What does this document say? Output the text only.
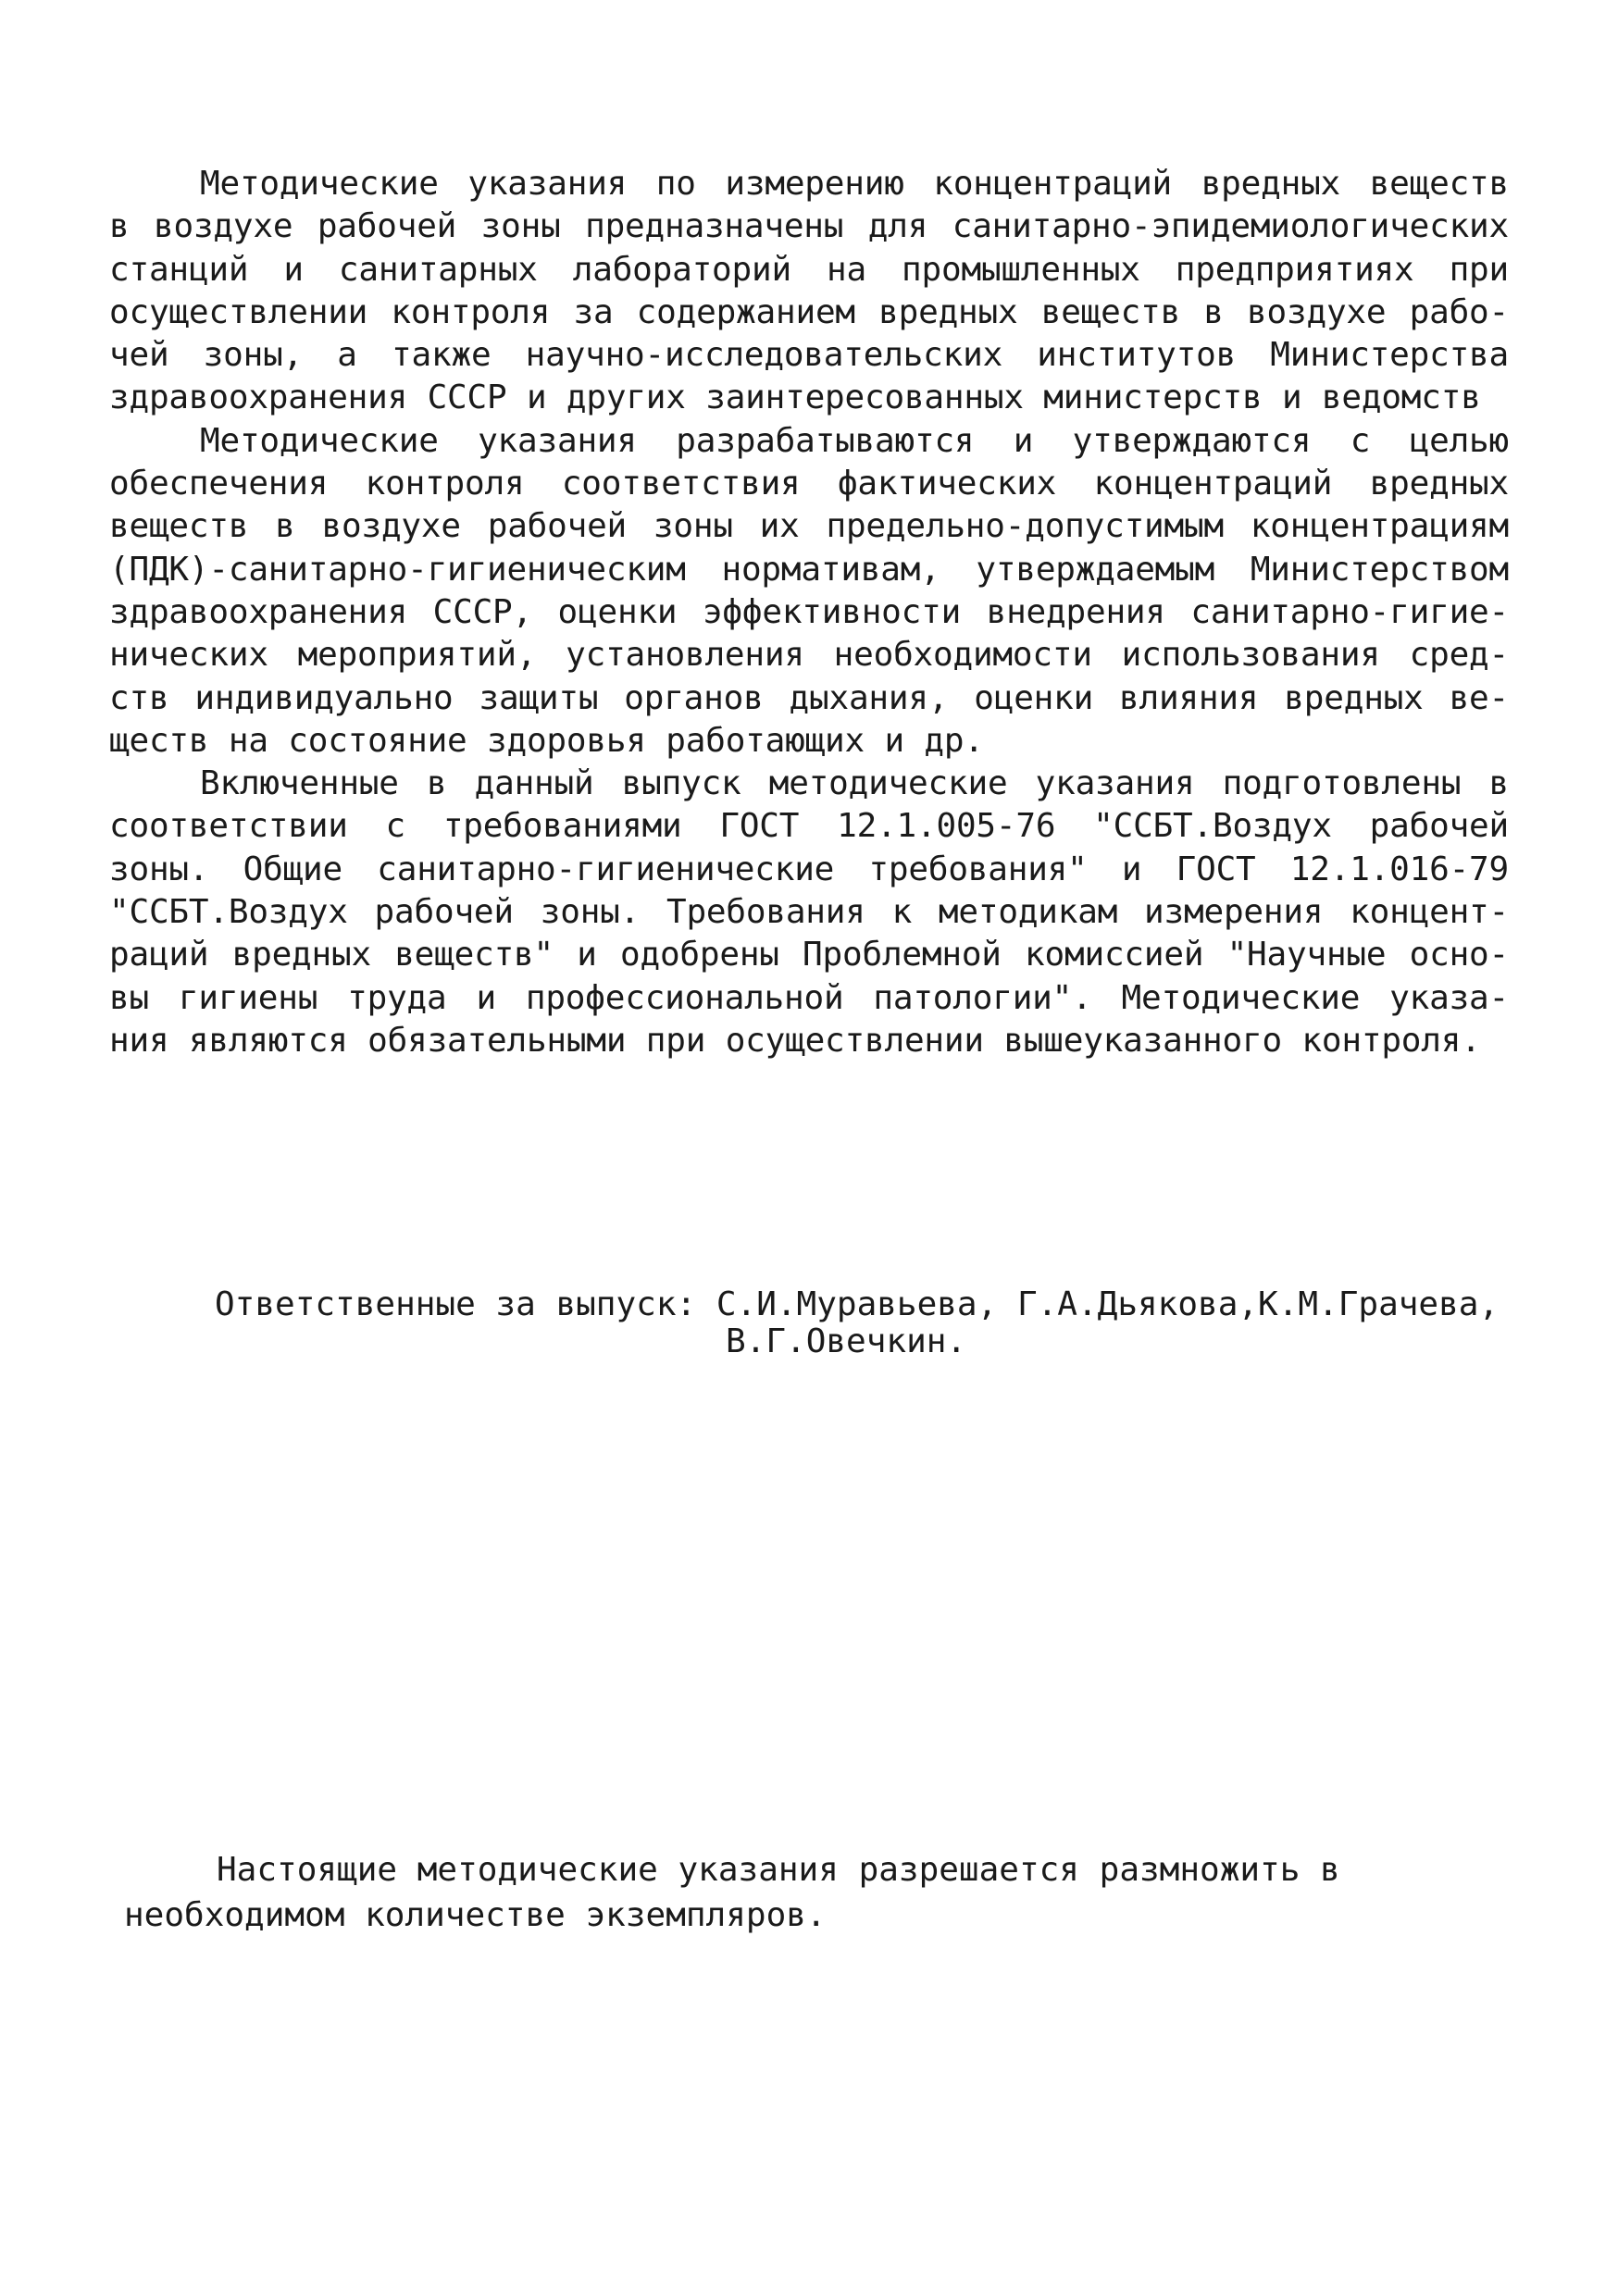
Методические указания по измерению концентраций вредных веществ
в воздухе рабочей зоны предназначены для санитарно-эпидемиологических
станций и санитарных лабораторий на промышленных предприятиях при
осуществлении контроля за содержанием вредных веществ в воздухе рабо-
чей зоны, а также научно-исследовательских институтов Министерства
здравоохранения СССР и других заинтересованных министерств и ведомств
Методические указания разрабатываются и утверждаются с целью
обеспечения контроля соответствия фактических концентраций вредных
веществ в воздухе рабочей зоны их предельно-допустимым концентрациям
(ПДК)-санитарно-гигиеническим нормативам, утверждаемым Министерством
здравоохранения СССР, оценки эффективности внедрения санитарно-гигие-
нических мероприятий, установления необходимости использования сред-
ств индивидуально защиты органов дыхания, оценки влияния вредных ве-
ществ на состояние здоровья работающих и др.
Включенные в данный выпуск методические указания подготовлены в
соответствии с требованиями ГОСТ 12.1.005-76 "ССБТ.Воздух рабочей
зоны. Общие санитарно-гигиенические требования" и ГОСТ 12.1.016-79
"ССБТ.Воздух рабочей зоны. Требования к методикам измерения концент-
раций вредных веществ" и одобрены Проблемной комиссией "Научные осно-
вы гигиены труда и профессиональной патологии". Методические указа-
ния являются обязательными при осуществлении вышеуказанного контроля.
Ответственные за выпуск: С.И.Муравьева, Г.А.Дьякова,К.М.Грачева,
В.Г.Овечкин.
Настоящие методические указания разрешается размножить в
необходимом количестве экземпляров.
